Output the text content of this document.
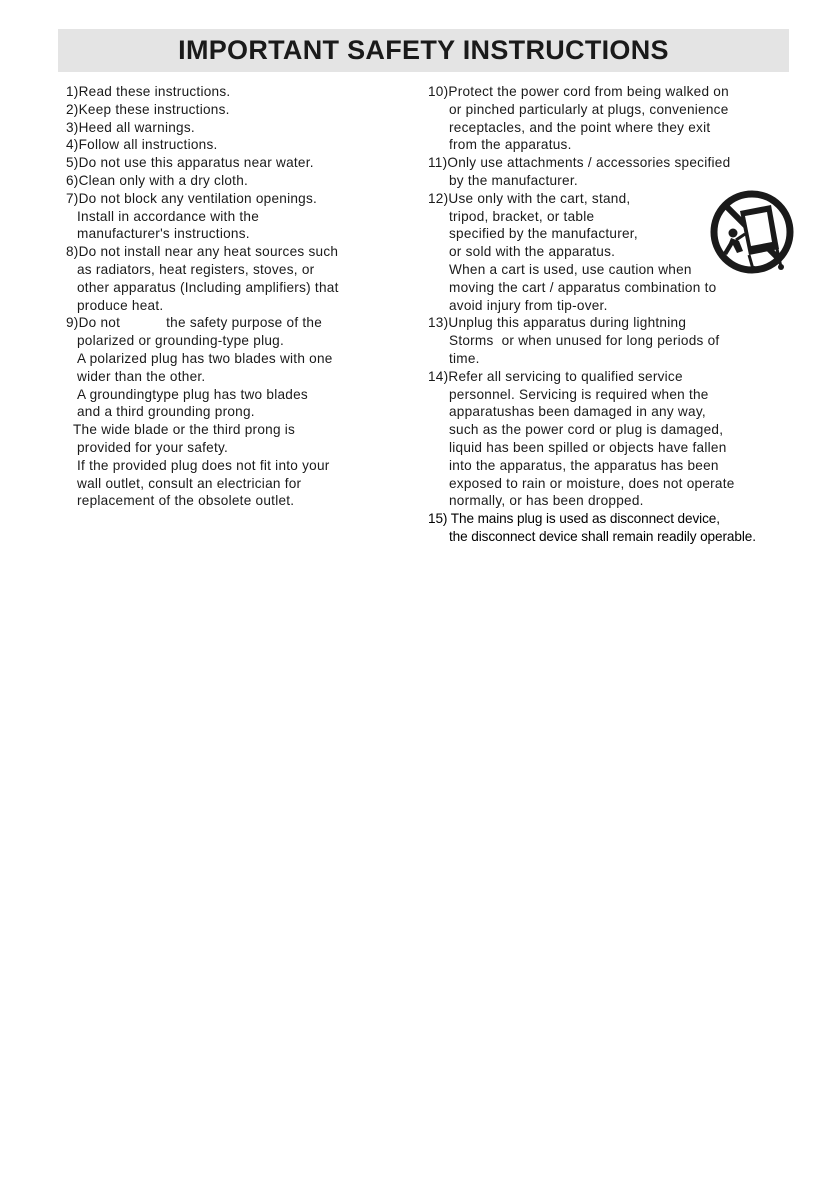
IMPORTANT SAFETY INSTRUCTIONS
1)Read these instructions.
2)Keep these instructions.
3)Heed all warnings.
4)Follow all instructions.
5)Do not use this apparatus near water.
6)Clean only with a dry cloth.
7)Do not block any ventilation openings.
Install in accordance with the
manufacturer's instructions.
8)Do not install near any heat sources such
as radiators, heat registers, stoves, or
other apparatus (Including amplifiers) that
produce heat.
9)Do not	the safety purpose of the
polarized or grounding-type plug.
A polarized plug has two blades with one
wider than the other.
A groundingtype plug has two blades
and a third grounding prong.
The wide blade or the third prong is
provided for your safety.
If the provided plug does not fit into your
wall outlet, consult an electrician for
replacement of the obsolete outlet.
10)Protect the power cord from being walked on
or pinched particularly at plugs, convenience
receptacles, and the point where they exit
from the apparatus.
11)Only use attachments / accessories specified
by the manufacturer.
12)Use only with the cart, stand,
tripod, bracket, or table
specified by the manufacturer,
or sold with the apparatus.
When a cart is used, use caution when
moving the cart / apparatus combination to
avoid injury from tip-over.
13)Unplug this apparatus during lightning
Storms  or when unused for long periods of
time.
14)Refer all servicing to qualified service
personnel. Servicing is required when the
apparatushas been damaged in any way,
such as the power cord or plug is damaged,
liquid has been spilled or objects have fallen
into the apparatus, the apparatus has been
exposed to rain or moisture, does not operate
normally, or has been dropped.
15) The mains plug is used as disconnect device,
the disconnect device shall remain readily operable.
